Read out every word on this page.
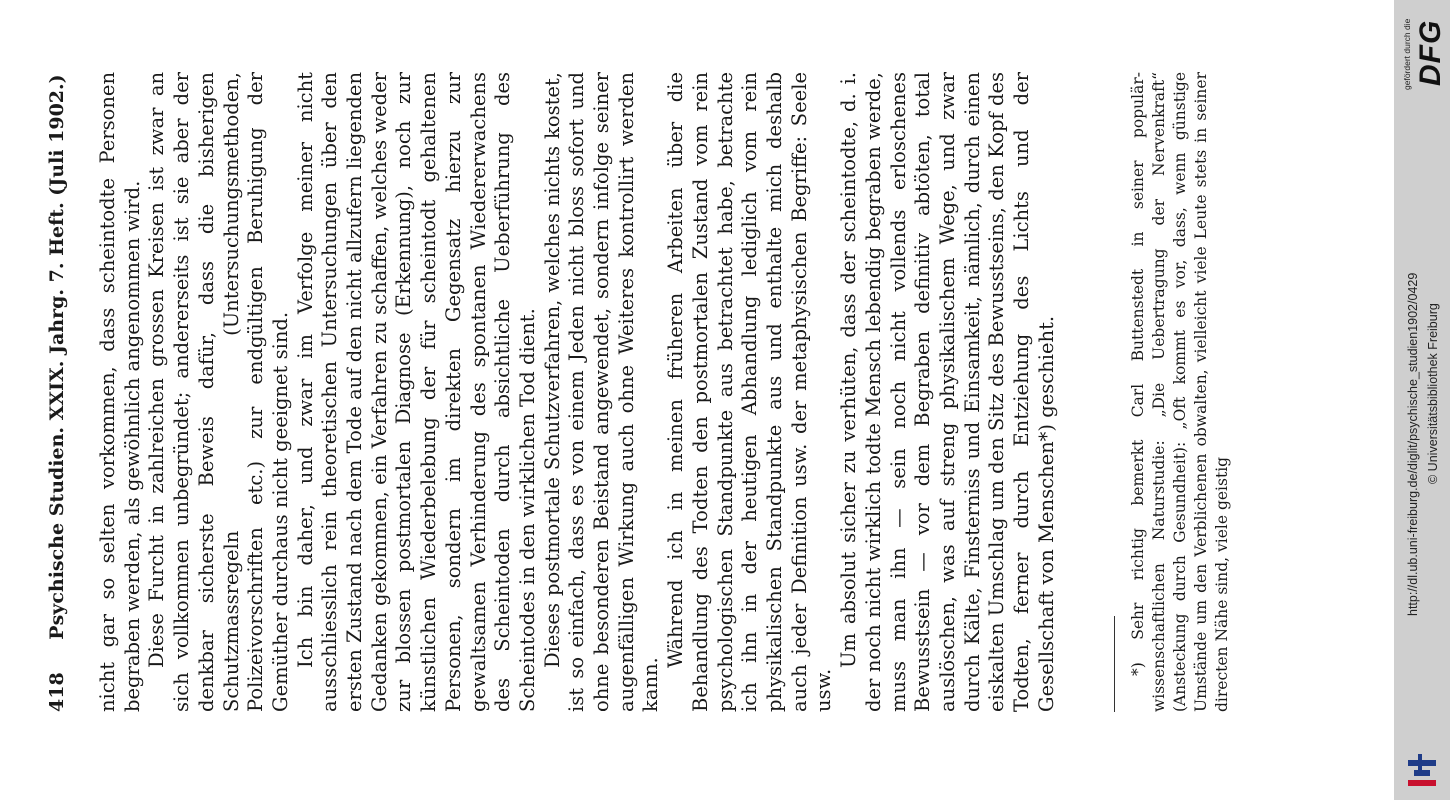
418 Psychische Studien. XXIX. Jahrg. 7. Heft. (Juli 1902.) nicht gar so selten vorkommen, dass scheintodte Personen begraben werden, als gewöhnlich angenommen wird. Diese Furcht in zahlreichen grossen Kreisen ist zwar an sich vollkommen unbegründet; andererseits ist sie aber der denkbar sicherste Beweis dafür, dass die bisherigen Schutzmassregeln (Untersuchungsmethoden, Polizeivorschriften etc.) zur endgültigen Beruhigung der Gemüther durchaus nicht geeignet sind. Ich bin daher, und zwar im Verfolge meiner nicht ausschliesslich rein theoretischen Untersuchungen über den ersten Zustand nach dem Tode auf den nicht allzufern liegenden Gedanken gekommen, ein Verfahren zu schaffen, welches weder zur blossen postmortalen Diagnose (Erkennung), noch zur künstlichen Wiederbelebung der für scheintodt gehaltenen Personen, sondern im direkten Gegensatz hierzu zur gewaltsamen Verhinderung des spontanen Wiedererwachens des Scheintoden durch absichtliche Ueberführung des Scheintodes in den wirklichen Tod dient. Dieses postmortale Schutzverfahren, welches nichts kostet, ist so einfach, dass es von einem Jeden nicht bloss sofort und ohne besonderen Beistand angewendet, sondern infolge seiner augenfälligen Wirkung auch ohne Weiteres kontrollirt werden kann.

Während ich in meinen früheren Arbeiten über die Behandlung des Todten den postmortalen Zustand vom rein psychologischen Standpunkte aus betrachtet habe, betrachte ich ihn in der heutigen Abhandlung lediglich vom rein physikalischen Standpunkte aus und enthalte mich deshalb auch jeder Definition usw. der metaphysischen Begriffe: Seele usw.

Um absolut sicher zu verhüten, dass der scheintodte, d. i. der noch nicht wirklich todte Mensch lebendig begraben werde, muss man ihn — sein noch nicht vollends erloschenes Bewusstsein — vor dem Begraben definitiv abtöten, total auslöschen, was auf streng physikalischem Wege, und zwar durch Kälte, Finsterniss und Einsamkeit, nämlich, durch einen eiskalten Umschlag um den Sitz des Bewusstseins, den Kopf des Todten, ferner durch Entziehung des Lichts und der Gesellschaft von Menschen*) geschieht.	*) Sehr richtig bemerkt Carl Buttenstedt in seiner populär-wissenschaftlichen Naturstudie: „Die Uebertragung der Nervenkraft“ (Ansteckung durch Gesundheit): „Oft kommt es vor, dass, wenn günstige Umstände um den Verblichenen obwalten, vielleicht viele Leute stets in seiner directen Nähe sind, viele geistig	http://dl.ub.uni-freiburg.de/diglit/psychische_studien1902/0429 © Universitätsbibliothek Freiburg
gefördert durch die DFG
